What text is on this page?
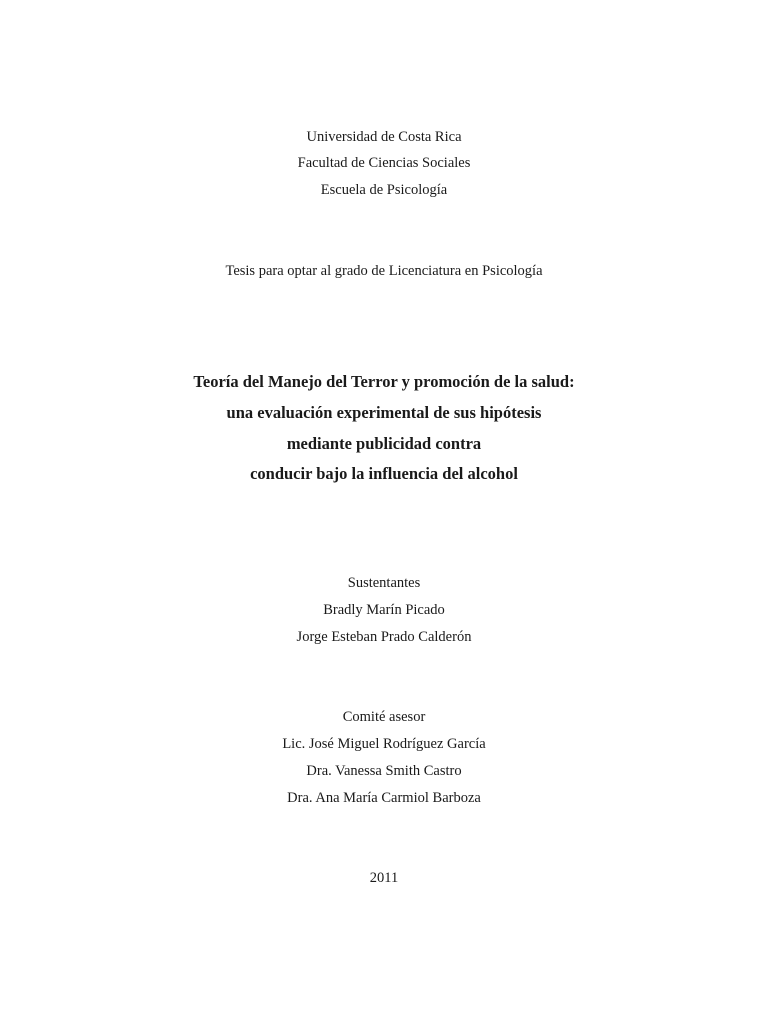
Universidad de Costa Rica
Facultad de Ciencias Sociales
Escuela de Psicología
Tesis para optar al grado de Licenciatura en Psicología
Teoría del Manejo del Terror y promoción de la salud:
una evaluación experimental de sus hipótesis
mediante publicidad contra
conducir bajo la influencia del alcohol
Sustentantes
Bradly Marín Picado
Jorge Esteban Prado Calderón
Comité asesor
Lic. José Miguel Rodríguez García
Dra. Vanessa Smith Castro
Dra. Ana María Carmiol Barboza
2011
